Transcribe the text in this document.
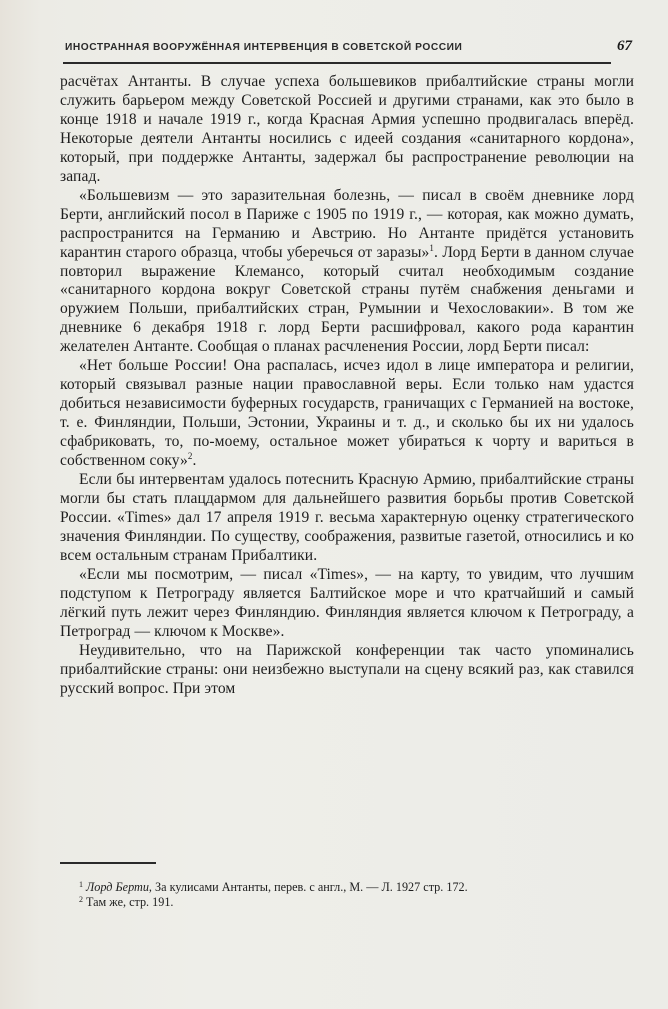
ИНОСТРАННАЯ ВООРУЖЁННАЯ ИНТЕРВЕНЦИЯ В СОВЕТСКОЙ РОССИИ	67

расчётах Антанты. В случае успеха большевиков прибалтийские страны могли служить барьером между Советской Россией и другими странами, как это было в конце 1918 и начале 1919 г., когда Красная Армия успешно продвигалась вперёд. Некоторые деятели Антанты носились с идеей создания «санитарного кордона», который, при поддержке Антанты, задержал бы распространение революции на запад.

«Большевизм — это заразительная болезнь, — писал в своём дневнике лорд Берти, английский посол в Париже с 1905 по 1919 г., — которая, как можно думать, распространится на Германию и Австрию. Но Антанте придётся установить карантин старого образца, чтобы уберечься от заразы»$^1$. Лорд Берти в данном случае повторил выражение Клемансо, который считал необходимым создание «санитарного кордона вокруг Советской страны путём снабжения деньгами и оружием Польши, прибалтийских стран, Румынии и Чехословакии». В том же дневнике 6 декабря 1918 г. лорд Берти расшифровал, какого рода карантин желателен Антанте. Сообщая о планах расчленения России, лорд Берти писал:

«Нет больше России! Она распалась, исчез идол в лице императора и религии, который связывал разные нации православной веры. Если только нам удастся добиться независимости буферных государств, граничащих с Германией на востоке, т. е. Финляндии, Польши, Эстонии, Украины и т. д., и сколько бы их ни удалось сфабриковать, то, по-моему, остальное может убираться к чорту и вариться в собственном соку»$^2$.

Если бы интервентам удалось потеснить Красную Армию, прибалтийские страны могли бы стать плацдармом для дальнейшего развития борьбы против Советской России. «Times» дал 17 апреля 1919 г. весьма характерную оценку стратегического значения Финляндии. По существу, соображения, развитые газетой, относились и ко всем остальным странам Прибалтики.

«Если мы посмотрим, — писал «Times», — на карту, то увидим, что лучшим подступом к Петрограду является Балтийское море и что кратчайший и самый лёгкий путь лежит через Финляндию. Финляндия является ключом к Петрограду, а Петроград — ключом к Москве».

Неудивительно, что на Парижской конференции так часто упоминались прибалтийские страны: они неизбежно выступали на сцену всякий раз, как ставился русский вопрос. При этом

$^1$ Лорд Берти, За кулисами Антанты, перев. с англ., М. — Л. 1927 стр. 172.

$^2$ Там же, стр. 191.
